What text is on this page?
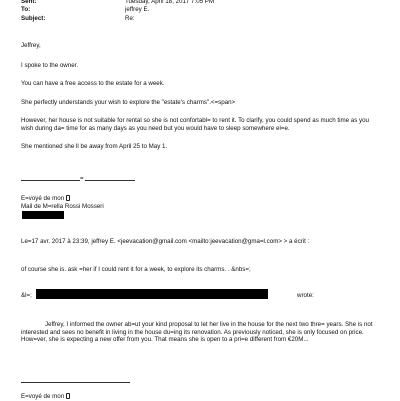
Sent:	Tuesday, April 18, 2017 7:05 PM
To:	jeffrey E.
Subject:	Re:
Jeffrey,
I spoke to the owner.
You can have a free access to the estate for a week.
She perfectly understands your wish to explore the "estate's charms".<=span>
However, her house is not suitable for rental so she is not confortabl= to rent it. To clarify, you could spend as much time as you wish during da= time for as many days as you need but you would have to sleep somewhere el=e.
She mentioned she ll be away from April 25 to May 1.
=
E=voyé de mon
Mail de M=rella Rossi Mosseri
Le=17 avr. 2017 à 23:39, jeffrey E. <jeevacation@gmail.com <mailto:jeevacation@gma=l.com> > a écrit :
of course she is. ask =her if I could rent it for a week, to explore its charms. . &nbs=;
&l=;	wrote:
Jeffrey, I informed the owner ab=ut your kind proposal to let her live in the house for the next two thre= years. She is not interested and sees no benefit in living in the house du=ing its renovation. As previously noticed, she is only focused on price. How=ver, she is expecting a new offer from you. That means she is open to a pri=e different from €20M...
E=voyé de mon
